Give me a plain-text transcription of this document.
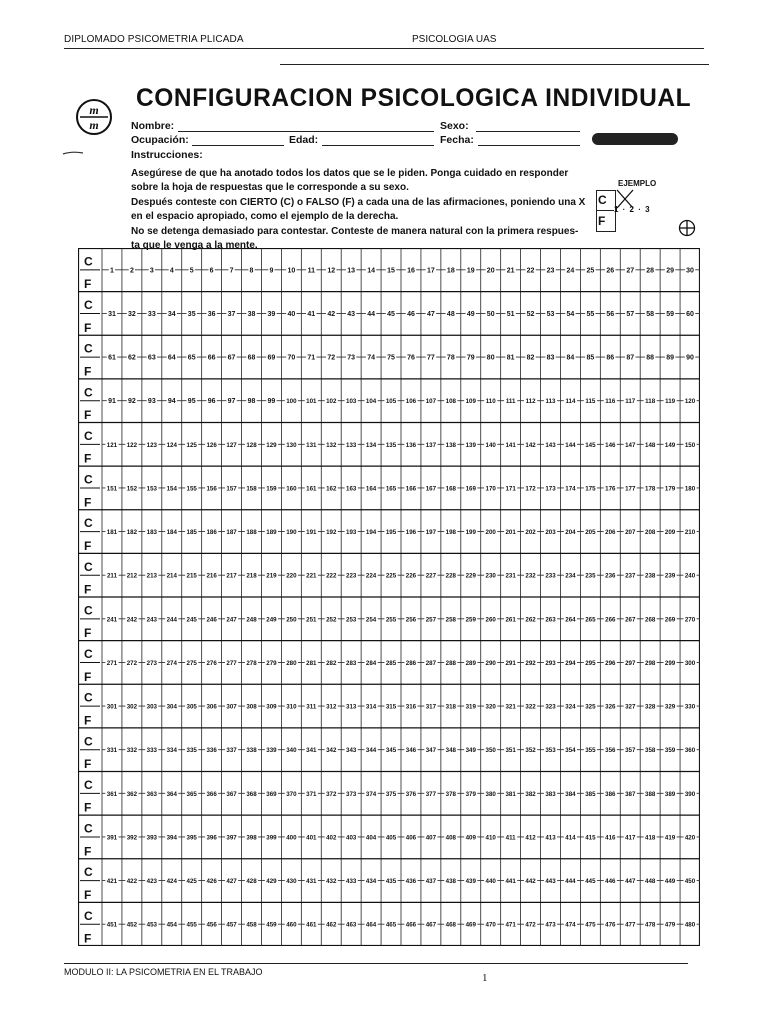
DIPLOMADO PSICOMETRIA PLICADA	PSICOLOGIA UAS
m
m
CONFIGURACION PSICOLOGICA INDIVIDUAL
Nombre:	Sexo:
Ocupación:	Edad:	Fecha:
Instrucciones:
Asegúrese de que ha anotado todos los datos que se le piden. Ponga cuidado en responder
sobre la hoja de respuestas que le corresponde a su sexo.
Después conteste con CIERTO (C) o FALSO (F) a cada una de las afirmaciones, poniendo una X
en el espacio apropiado, como el ejemplo de la derecha.
No se detenga demasiado para contestar. Conteste de manera natural con la primera respues-
ta que le venga a la mente.
EJEMPLO
C
F
1 · 2 · 3
C
F
1 2 3 4 5 6 7 8 9 10 11 12 13 14 15 16 17 18 19 20 21 22 23 24 25 26 27 28 29 30
C
F
31 32 33 34 35 36 37 38 39 40 41 42 43 44 45 46 47 48 49 50 51 52 53 54 55 56 57 58 59 60
C
F
61 62 63 64 65 66 67 68 69 70 71 72 73 74 75 76 77 78 79 80 81 82 83 84 85 86 87 88 89 90
C
F
91 92 93 94 95 96 97 98 99 100 101 102 103 104 105 106 107 108 109 110 111 112 113 114 115 116 117 118 119 120
C
F
121 122 123 124 125 126 127 128 129 130 131 132 133 134 135 136 137 138 139 140 141 142 143 144 145 146 147 148 149 150
C
F
151 152 153 154 155 156 157 158 159 160 161 162 163 164 165 166 167 168 169 170 171 172 173 174 175 176 177 178 179 180
C
F
181 182 183 184 185 186 187 188 189 190 191 192 193 194 195 196 197 198 199 200 201 202 203 204 205 206 207 208 209 210
C
F
211 212 213 214 215 216 217 218 219 220 221 222 223 224 225 226 227 228 229 230 231 232 233 234 235 236 237 238 239 240
C
F
241 242 243 244 245 246 247 248 249 250 251 252 253 254 255 256 257 258 259 260 261 262 263 264 265 266 267 268 269 270
C
F
271 272 273 274 275 276 277 278 279 280 281 282 283 284 285 286 287 288 289 290 291 292 293 294 295 296 297 298 299 300
C
F
301 302 303 304 305 306 307 308 309 310 311 312 313 314 315 316 317 318 319 320 321 322 323 324 325 326 327 328 329 330
C
F
331 332 333 334 335 336 337 338 339 340 341 342 343 344 345 346 347 348 349 350 351 352 353 354 355 356 357 358 359 360
C
F
361 362 363 364 365 366 367 368 369 370 371 372 373 374 375 376 377 378 379 380 381 382 383 384 385 386 387 388 389 390
C
F
391 392 393 394 395 396 397 398 399 400 401 402 403 404 405 406 407 408 409 410 411 412 413 414 415 416 417 418 419 420
C
F
421 422 423 424 425 426 427 428 429 430 431 432 433 434 435 436 437 438 439 440 441 442 443 444 445 446 447 448 449 450
C
F
451 452 453 454 455 456 457 458 459 460 461 462 463 464 465 466 467 468 469 470 471 472 473 474 475 476 477 478 479 480
MODULO II: LA PSICOMETRIA EN EL TRABAJO	1
